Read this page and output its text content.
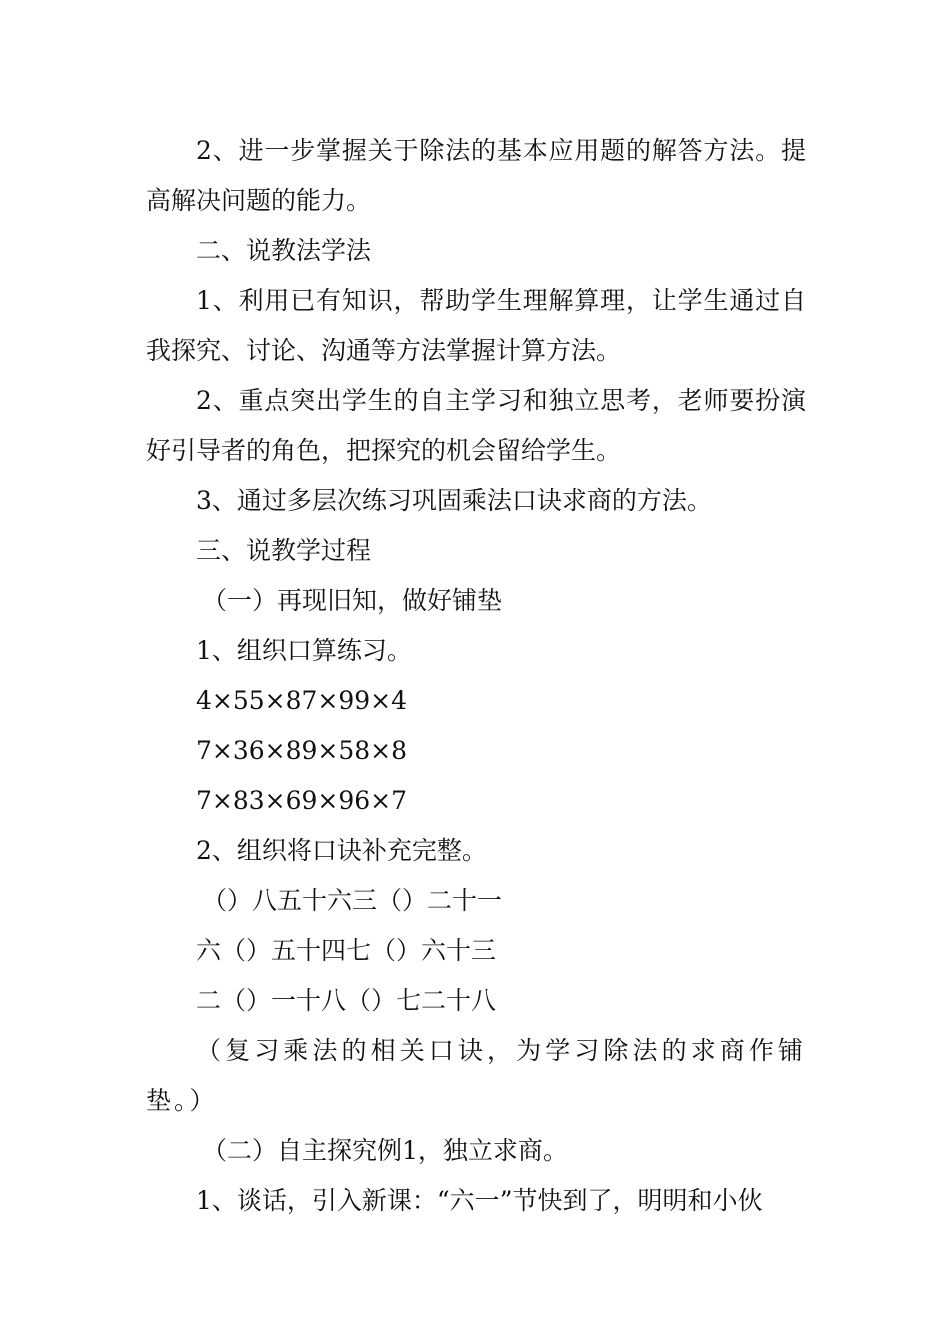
2、进一步掌握关于除法的基本应用题的解答方法。提高解决问题的能力。

二、说教法学法

1、利用已有知识，帮助学生理解算理，让学生通过自我探究、讨论、沟通等方法掌握计算方法。

2、重点突出学生的自主学习和独立思考，老师要扮演好引导者的角色，把探究的机会留给学生。

3、通过多层次练习巩固乘法口诀求商的方法。

三、说教学过程

（一）再现旧知，做好铺垫

1、组织口算练习。

4×55×87×99×4

7×36×89×58×8

7×83×69×96×7

2、组织将口诀补充完整。

（）八五十六三（）二十一

六（）五十四七（）六十三

二（）一十八（）七二十八

（复习乘法的相关口诀，为学习除法的求商作铺垫。）

（二）自主探究例1，独立求商。

1、谈话，引入新课：“六一”节快到了，明明和小伙
